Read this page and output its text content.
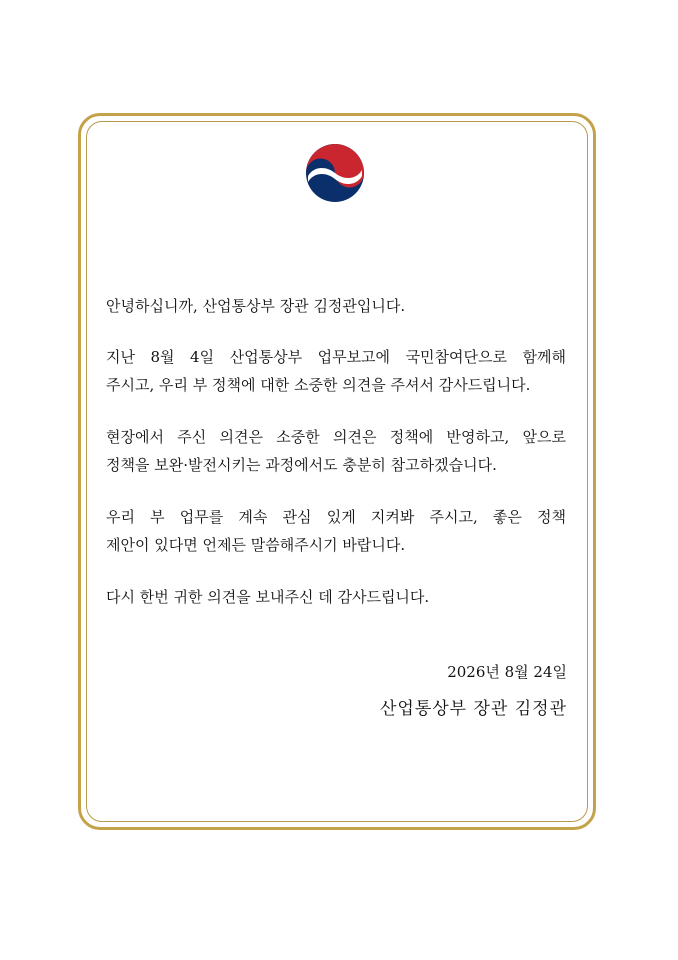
안녕하십니까, 산업통상부 장관 김정관입니다.
지난 8월 4일 산업통상부 업무보고에 국민참여단으로 함께해
주시고, 우리 부 정책에 대한 소중한 의견을 주셔서 감사드립니다.
현장에서 주신 의견은 소중한 의견은 정책에 반영하고, 앞으로
정책을 보완·발전시키는 과정에서도 충분히 참고하겠습니다.
우리 부 업무를 계속 관심 있게 지켜봐 주시고, 좋은 정책
제안이 있다면 언제든 말씀해주시기 바랍니다.
다시 한번 귀한 의견을 보내주신 데 감사드립니다.
2026년 8월 24일
산업통상부 장관 김정관
